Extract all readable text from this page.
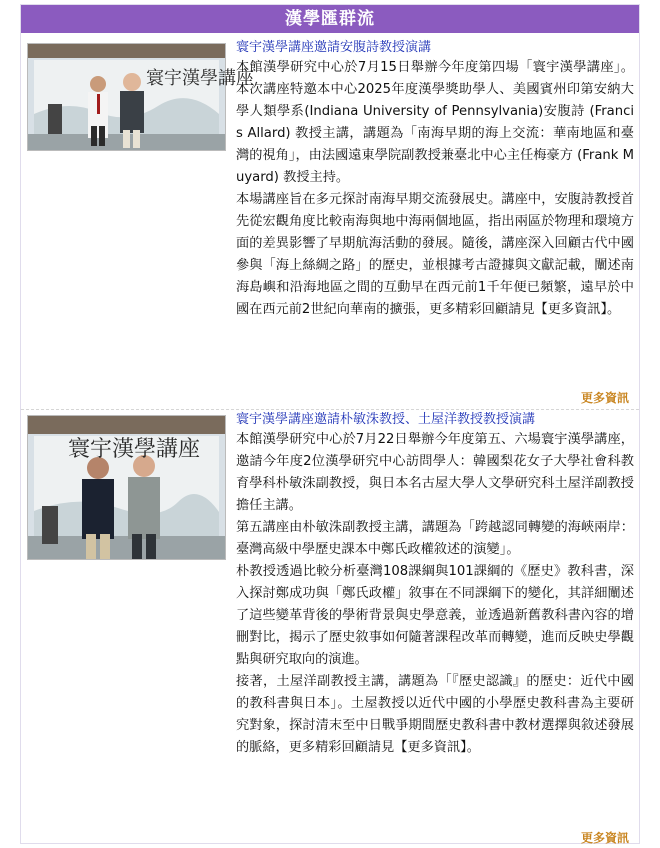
漢學匯群流
寰宇漢學講座
寰宇漢學講座邀請安腹詩教授演講

本館漢學研究中心於7月15日舉辦今年度第四場「寰宇漢學講座」。本次講座特邀本中心2025年度漢學獎助學人、美國賓州印第安納大學人類學系(Indiana University of Pennsylvania)安腹詩 (Francis Allard) 教授主講，講題為「南海早期的海上交流：華南地區和臺灣的視角」，由法國遠東學院副教授兼臺北中心主任梅豪方 (Frank Muyard) 教授主持。

本場講座旨在多元探討南海早期交流發展史。講座中，安腹詩教授首先從宏觀角度比較南海與地中海兩個地區，指出兩區於物理和環境方面的差異影響了早期航海活動的發展。隨後，講座深入回顧古代中國參與「海上絲綢之路」的歷史，並根據考古證據與文獻記載，闡述南海島嶼和沿海地區之間的互動早在西元前1千年便已頻繁，遠早於中國在西元前2世紀向華南的擴張，更多精彩回顧請見【更多資訊】。

更多資訊
寰宇漢學講座
寰宇漢學講座邀請朴敏洙教授、土屋洋教授教授演講

本館漢學研究中心於7月22日舉辦今年度第五、六場寰宇漢學講座，邀請今年度2位漢學研究中心訪問學人：韓國梨花女子大學社會科教育學科朴敏洙副教授，與日本名古屋大學人文學研究科土屋洋副教授擔任主講。

第五講座由朴敏洙副教授主講，講題為「跨越認同轉變的海峽兩岸：臺灣高級中學歷史課本中鄭氏政權敘述的演變」。

朴教授透過比較分析臺灣108課綱與101課綱的《歷史》教科書，深入探討鄭成功與「鄭氏政權」敘事在不同課綱下的變化，其詳細闡述了這些變革背後的學術背景與史學意義，並透過新舊教科書內容的增刪對比，揭示了歷史敘事如何隨著課程改革而轉變，進而反映史學觀點與研究取向的演進。

接著，土屋洋副教授主講，講題為「『歷史認識』的歷史：近代中國的教科書與日本」。土屋教授以近代中國的小學歷史教科書為主要研究對象，探討清末至中日戰爭期間歷史教科書中教材選擇與敘述發展的脈絡，更多精彩回顧請見【更多資訊】。

更多資訊
